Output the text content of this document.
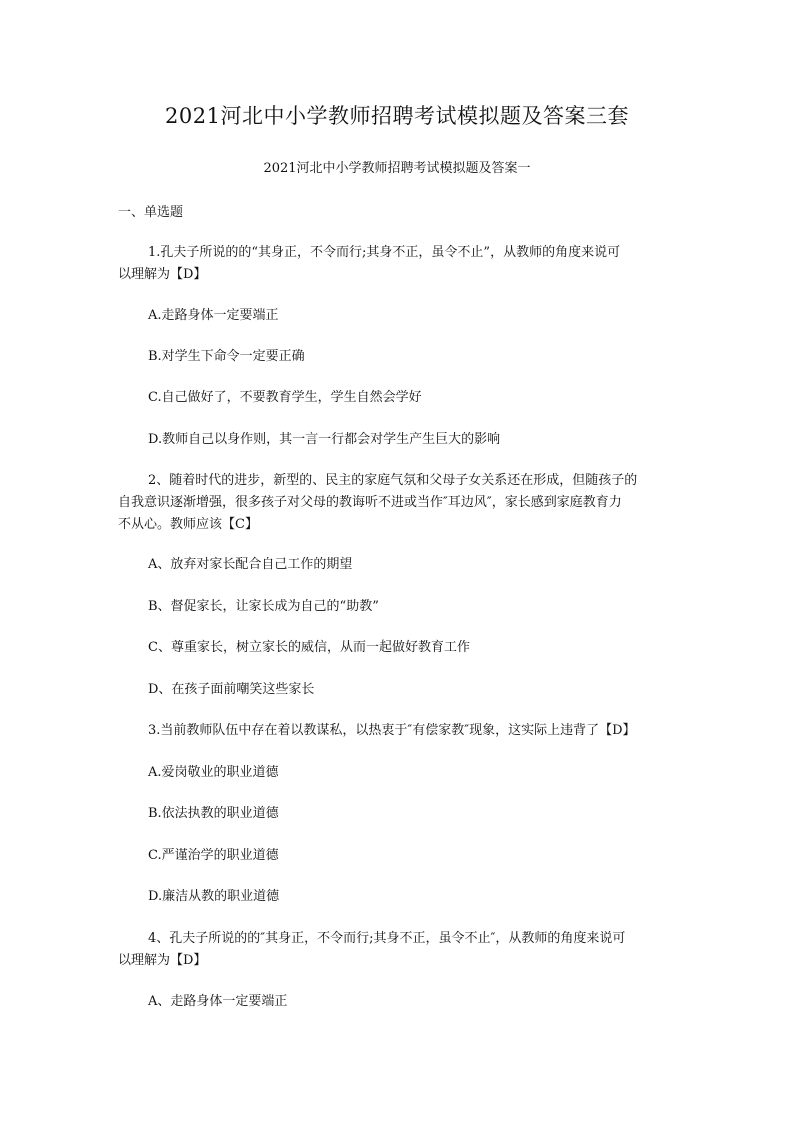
2021河北中小学教师招聘考试模拟题及答案三套
2021河北中小学教师招聘考试模拟题及答案一
一、单选题
1.孔夫子所说的的“其身正，不令而行;其身不正，虽令不止”，从教师的角度来说可
以理解为【D】
A.走路身体一定要端正
B.对学生下命令一定要正确
C.自己做好了，不要教育学生，学生自然会学好
D.教师自己以身作则，其一言一行都会对学生产生巨大的影响
2、随着时代的进步，新型的、民主的家庭气氛和父母子女关系还在形成，但随孩子的
自我意识逐渐增强，很多孩子对父母的教诲听不进或当作″耳边风″，家长感到家庭教育力
不从心。教师应该【C】
A、放弃对家长配合自己工作的期望
B、督促家长，让家长成为自己的“助教”
C、尊重家长，树立家长的威信，从而一起做好教育工作
D、在孩子面前嘲笑这些家长
3.当前教师队伍中存在着以教谋私，以热衷于″有偿家教″现象，这实际上违背了【D】
A.爱岗敬业的职业道德
B.依法执教的职业道德
C.严谨治学的职业道德
D.廉洁从教的职业道德
4、孔夫子所说的的″其身正，不令而行;其身不正，虽令不止″，从教师的角度来说可
以理解为【D】
A、走路身体一定要端正
